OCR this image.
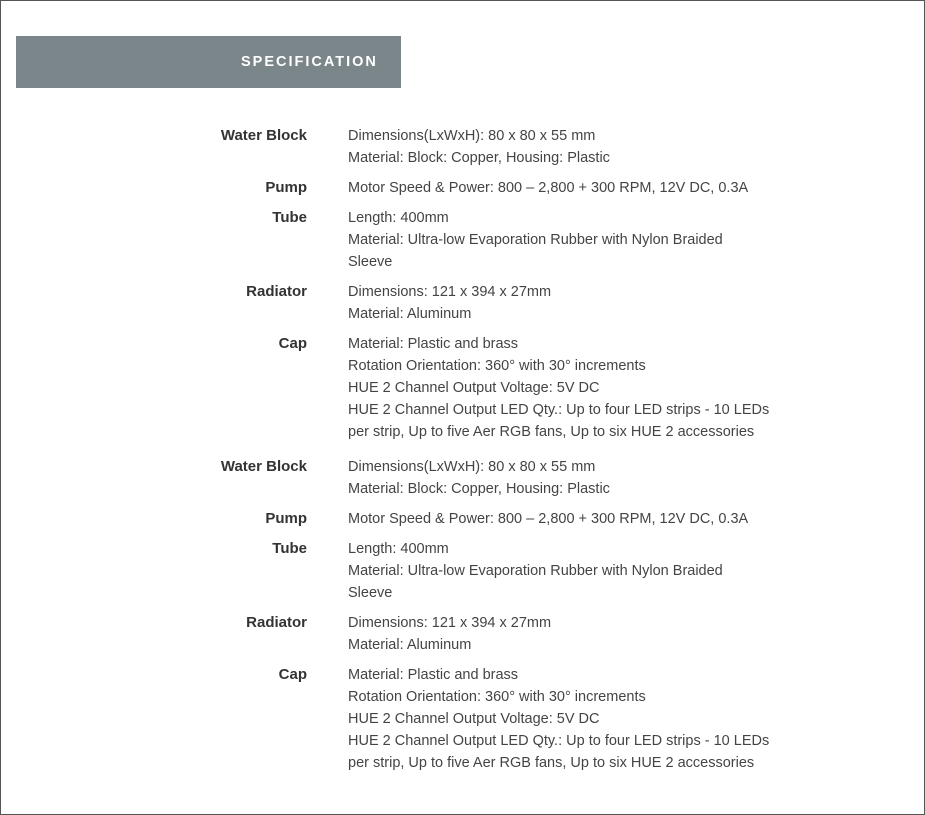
SPECIFICATION
Water Block	Dimensions(LxWxH): 80 x 80 x 55 mm
Material: Block: Copper, Housing: Plastic
Pump	Motor Speed & Power: 800 – 2,800 + 300 RPM, 12V DC, 0.3A
Tube	Length: 400mm
Material: Ultra-low Evaporation Rubber with Nylon Braided
Sleeve
Radiator	Dimensions: 121 x 394 x 27mm
Material: Aluminum
Cap	Material: Plastic and brass
Rotation Orientation: 360° with 30° increments
HUE 2 Channel Output Voltage: 5V DC
HUE 2 Channel Output LED Qty.: Up to four LED strips - 10 LEDs
per strip, Up to five Aer RGB fans, Up to six HUE 2 accessories
Water Block	Dimensions(LxWxH): 80 x 80 x 55 mm
Material: Block: Copper, Housing: Plastic
Pump	Motor Speed & Power: 800 – 2,800 + 300 RPM, 12V DC, 0.3A
Tube	Length: 400mm
Material: Ultra-low Evaporation Rubber with Nylon Braided
Sleeve
Radiator	Dimensions: 121 x 394 x 27mm
Material: Aluminum
Cap	Material: Plastic and brass
Rotation Orientation: 360° with 30° increments
HUE 2 Channel Output Voltage: 5V DC
HUE 2 Channel Output LED Qty.: Up to four LED strips - 10 LEDs
per strip, Up to five Aer RGB fans, Up to six HUE 2 accessories
